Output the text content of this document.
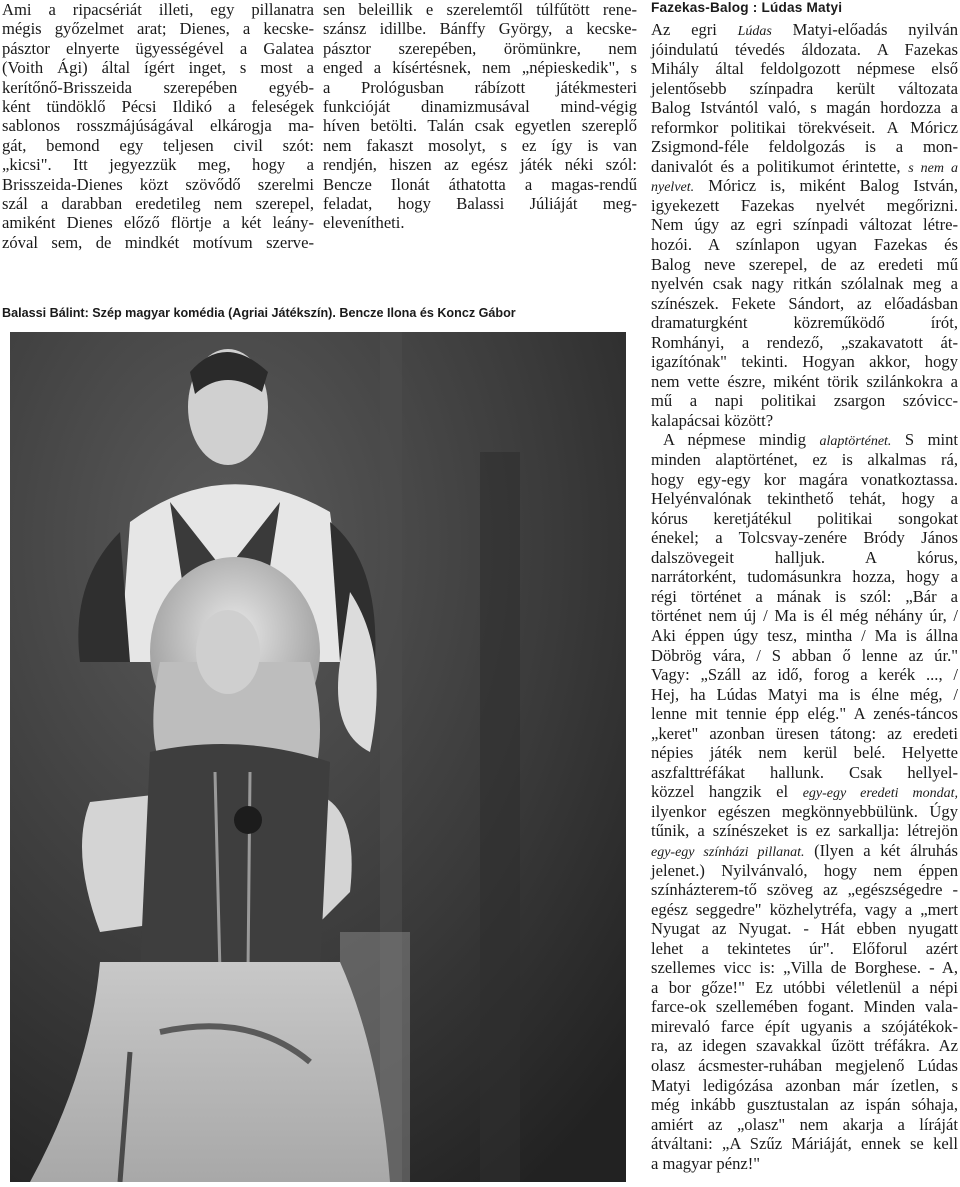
Ami a ripacsériát illeti, egy pillanatra
mégis győzelmet arat; Dienes, a kecske-
pásztor elnyerte ügyességével a Galatea
(Voith Ági) által ígért inget, s most a
kerítőnő-Brisszeida szerepében egyéb-
ként tündöklő Pécsi Ildikó a feleségek
sablonos rosszmájúságával elkárogja ma-
gát, bemond egy teljesen civil szót:
„kicsi". Itt jegyezzük meg, hogy a
Brisszeida-Dienes közt szövődő szerelmi
szál a darabban eredetileg nem szerepel,
amiként Dienes előző flörtje a két leány-
zóval sem, de mindkét motívum szerve-
sen beleillik e szerelemtől túlfűtött rene-
szánsz idillbe. Bánffy György, a kecske-
pásztor szerepében, örömünkre, nem
enged a kísértésnek, nem „népieskedik", s
a Prológusban rábízott játékmesteri
funkcióját dinamizmusával mind-végig
híven betölti. Talán csak egyetlen szereplő
nem fakaszt mosolyt, s ez így is van
rendjén, hiszen az egész játék néki szól:
Bencze Ilonát áthatotta a magas-rendű
feladat, hogy Balassi Júliáját meg-
elevenítheti.
Fazekas-Balog : Lúdas Matyi
Az egri Lúdas Matyi-előadás nyilván
jóindulatú tévedés áldozata. A Fazekas
Mihály által feldolgozott népmese első
jelentősebb színpadra került változata
Balog Istvántól való, s magán hordozza a
reformkor politikai törekvéseit. A Móricz
Zsigmond-féle feldolgozás is a mon-
danivalót és a politikumot érintette, s nem a
nyelvet. Móricz is, miként Balog István,
igyekezett Fazekas nyelvét megőrizni.
Nem úgy az egri színpadi változat létre-
hozói. A színlapon ugyan Fazekas és
Balog neve szerepel, de az eredeti mű
nyelvén csak nagy ritkán szólalnak meg a
színészek. Fekete Sándort, az előadásban
dramaturgként közreműködő írót,
Romhányi, a rendező, „szakavatott át-
igazítónak" tekinti. Hogyan akkor, hogy
nem vette észre, miként törik szilánkokra a
mű a napi politikai zsargon szóvicc-
kalapácsai között?
A népmese mindig alaptörténet. S mint
minden alaptörténet, ez is alkalmas rá,
hogy egy-egy kor magára vonatkoztassa.
Helyénvalónak tekinthető tehát, hogy a
kórus keretjátékul politikai songokat
énekel; a Tolcsvay-zenére Bródy János
dalszövegeit halljuk. A kórus,
narrátorként, tudomásunkra hozza, hogy a
régi történet a mának is szól: „Bár a
történet nem új / Ma is él még néhány úr, /
Aki éppen úgy tesz, mintha / Ma is állna
Döbrög vára, / S abban ő lenne az úr."
Vagy: „Száll az idő, forog a kerék ..., /
Hej, ha Lúdas Matyi ma is élne még, /
lenne mit tennie épp elég." A zenés-táncos
„keret" azonban üresen tátong: az eredeti
népies játék nem kerül belé. Helyette
aszfalttréfákat hallunk. Csak hellyel-
közzel hangzik el egy-egy eredeti mondat,
ilyenkor egészen megkönnyebbülünk. Úgy
tűnik, a színészeket is ez sarkallja: létrejön
egy-egy színházi pillanat. (Ilyen a két álruhás
jelenet.) Nyilvánvaló, hogy nem éppen
színházterem-tő szöveg az „egészségedre -
egész seggedre" közhelytréfa, vagy a „mert
Nyugat az Nyugat. - Hát ebben nyugatt
lehet a tekintetes úr". Előforul azért
szellemes vicc is: „Villa de Borghese. - A,
a bor gőze!" Ez utóbbi véletlenül a népi
farce-ok szellemében fogant. Minden vala-
mirevaló farce épít ugyanis a szójátékok-
ra, az idegen szavakkal űzött tréfákra. Az
olasz ácsmester-ruhában megjelenő Lúdas
Matyi ledigózása azonban már ízetlen, s
még inkább gusztustalan az ispán sóhaja,
amiért az „olasz" nem akarja a líráját
átváltani: „A Szűz Máriáját, ennek se kell
a magyar pénz!"
Balassi Bálint: Szép magyar komédia (Agriai Játékszín). Bencze Ilona és Koncz Gábor
